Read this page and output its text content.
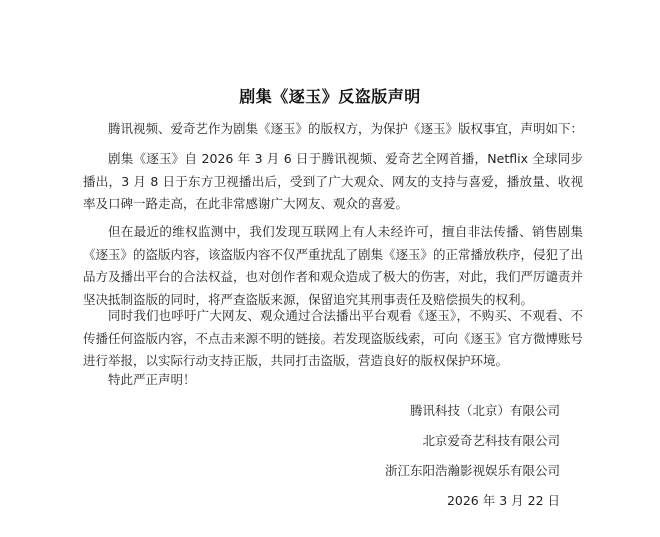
剧集《逐玉》反盗版声明

腾讯视频、爱奇艺作为剧集《逐玉》的版权方，为保护《逐玉》版权事宜，声明如下：

剧集《逐玉》自 2026 年 3 月 6 日于腾讯视频、爱奇艺全网首播，Netflix 全球同步播出，3 月 8 日于东方卫视播出后，受到了广大观众、网友的支持与喜爱，播放量、收视率及口碑一路走高，在此非常感谢广大网友、观众的喜爱。

但在最近的维权监测中，我们发现互联网上有人未经许可，擅自非法传播、销售剧集《逐玉》的盗版内容，该盗版内容不仅严重扰乱了剧集《逐玉》的正常播放秩序，侵犯了出品方及播出平台的合法权益，也对创作者和观众造成了极大的伤害，对此，我们严厉谴责并坚决抵制盗版的同时，将严查盗版来源，保留追究其刑事责任及赔偿损失的权利。

同时我们也呼吁广大网友、观众通过合法播出平台观看《逐玉》，不购买、不观看、不传播任何盗版内容，不点击来源不明的链接。若发现盗版线索，可向《逐玉》官方微博账号进行举报，以实际行动支持正版，共同打击盗版，营造良好的版权保护环境。

特此严正声明！

腾讯科技（北京）有限公司
北京爱奇艺科技有限公司
浙江东阳浩瀚影视娱乐有限公司
2026 年 3 月 22 日
